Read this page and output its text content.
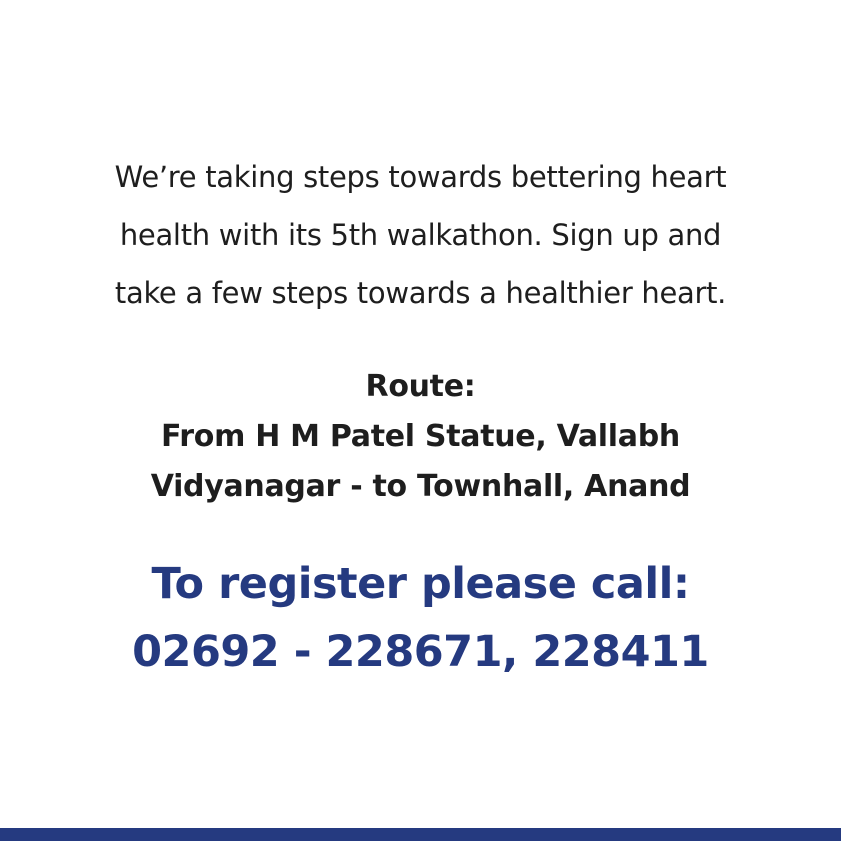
We’re taking steps towards bettering heart
health with its 5th walkathon. Sign up and
take a few steps towards a healthier heart.
Route:
From H M Patel Statue, Vallabh
Vidyanagar - to Townhall, Anand
To register please call:
02692 - 228671, 228411
